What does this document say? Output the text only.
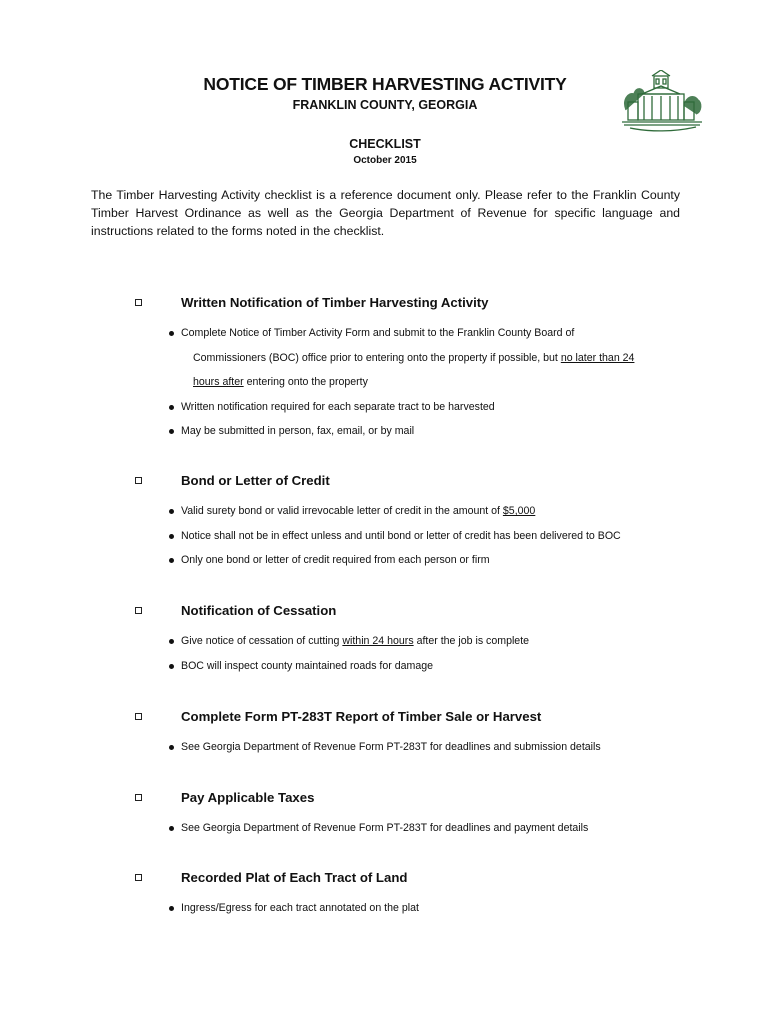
NOTICE OF TIMBER HARVESTING ACTIVITY
FRANKLIN COUNTY, GEORGIA
CHECKLIST
October 2015

The Timber Harvesting Activity checklist is a reference document only. Please refer to the Franklin County Timber Harvest Ordinance as well as the Georgia Department of Revenue for specific language and instructions related to the forms noted in the checklist.

Written Notification of Timber Harvesting Activity
Complete Notice of Timber Activity Form and submit to the Franklin County Board of
Commissioners (BOC) office prior to entering onto the property if possible, but no later than 24
hours after entering onto the property
Written notification required for each separate tract to be harvested
May be submitted in person, fax, email, or by mail
Bond or Letter of Credit
Valid surety bond or valid irrevocable letter of credit in the amount of $5,000
Notice shall not be in effect unless and until bond or letter of credit has been delivered to BOC
Only one bond or letter of credit required from each person or firm
Notification of Cessation
Give notice of cessation of cutting within 24 hours after the job is complete
BOC will inspect county maintained roads for damage
Complete Form PT-283T Report of Timber Sale or Harvest
See Georgia Department of Revenue Form PT-283T for deadlines and submission details
Pay Applicable Taxes
See Georgia Department of Revenue Form PT-283T for deadlines and payment details
Recorded Plat of Each Tract of Land
Ingress/Egress for each tract annotated on the plat
